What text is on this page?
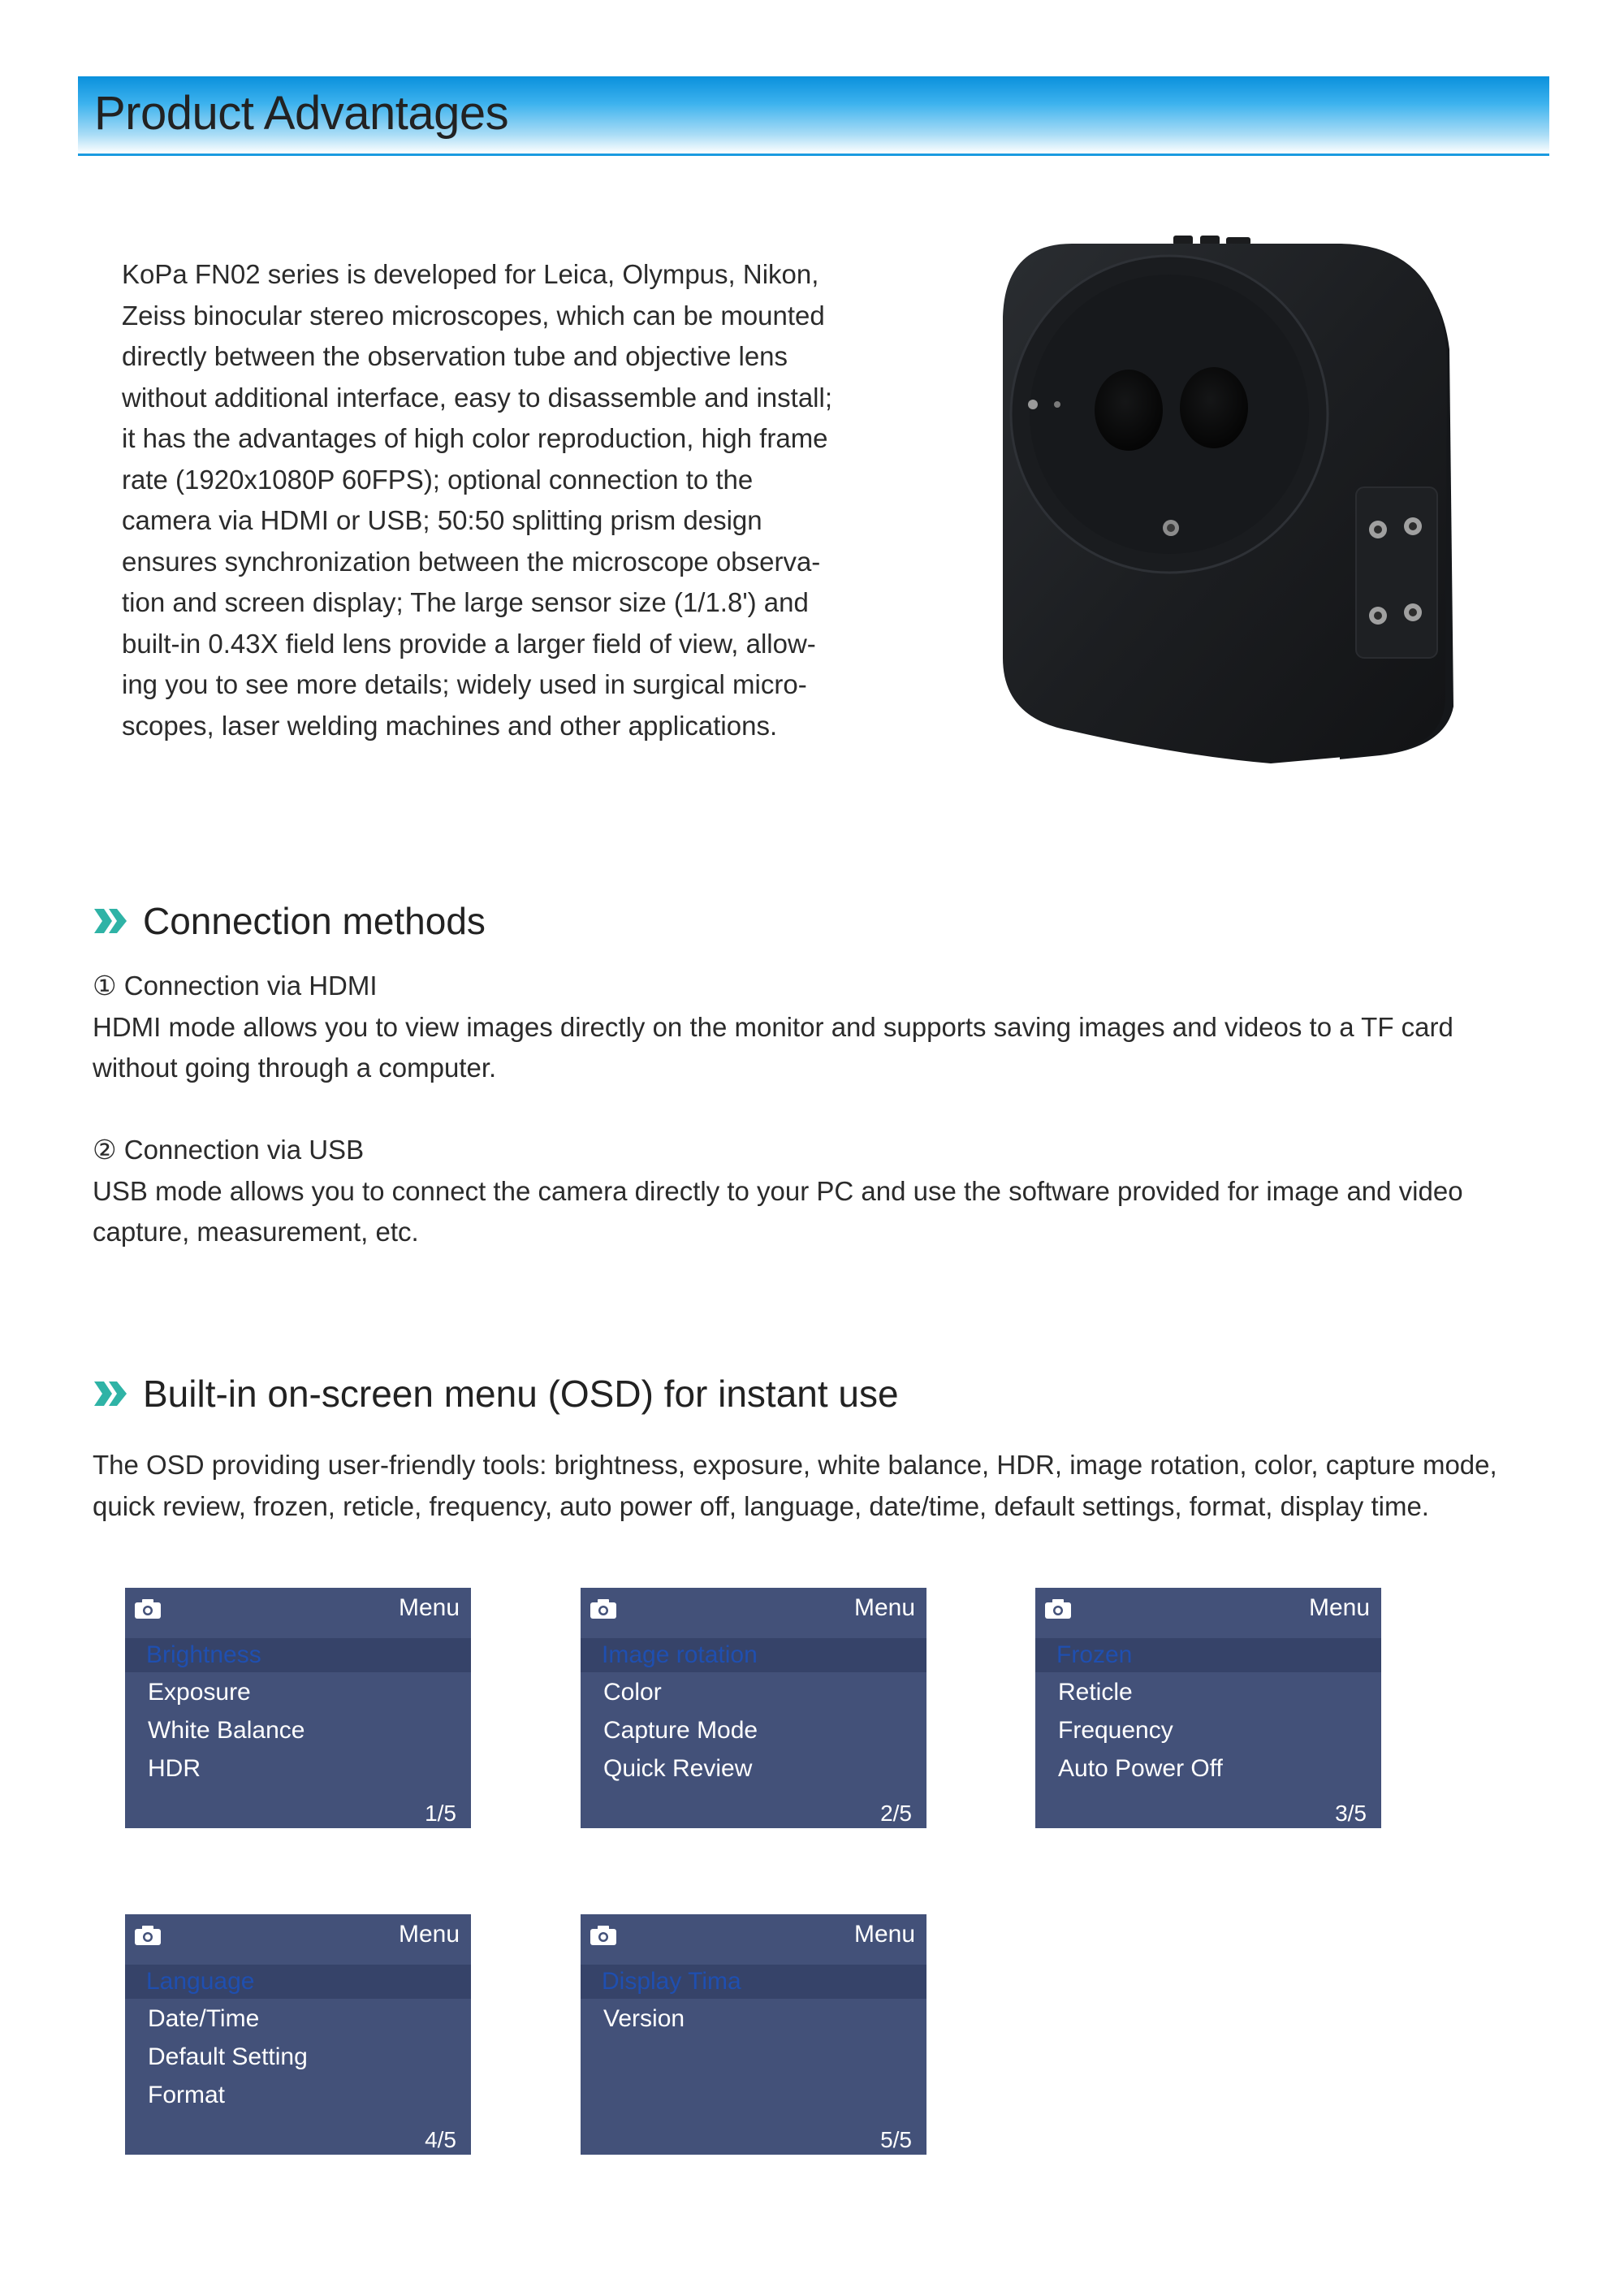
Product Advantages
KoPa FN02 series is developed for Leica, Olympus, Nikon,
Zeiss binocular stereo microscopes, which can be mounted
directly between the observation tube and objective lens
without additional interface, easy to disassemble and install;
it has the advantages of high color reproduction, high frame
rate (1920x1080P 60FPS); optional connection to the
camera via HDMI or USB; 50:50 splitting prism design
ensures synchronization between the microscope observa-
tion and screen display; The large sensor size (1/1.8') and
built-in 0.43X field lens provide a larger field of view, allow-
ing you to see more details; widely used in surgical micro-
scopes, laser welding machines and other applications.
Connection methods
① Connection via HDMI
HDMI mode allows you to view images directly on the monitor and supports saving images and videos to a TF card
without going through a computer.
② Connection via USB
USB mode allows you to connect the camera directly to your PC and use the software provided for image and video
capture, measurement, etc.
Built-in on-screen menu (OSD) for instant use
The OSD providing user-friendly tools: brightness, exposure, white balance, HDR, image rotation, color, capture mode,
quick review, frozen, reticle, frequency, auto power off, language, date/time, default settings, format, display time.
Menu
Brightness
Exposure
White Balance
HDR
1/5
Menu
Image rotation
Color
Capture Mode
Quick Review
2/5
Menu
Frozen
Reticle
Frequency
Auto Power Off
3/5
Menu
Language
Date/Time
Default Setting
Format
4/5
Menu
Display Tima
Version
5/5
